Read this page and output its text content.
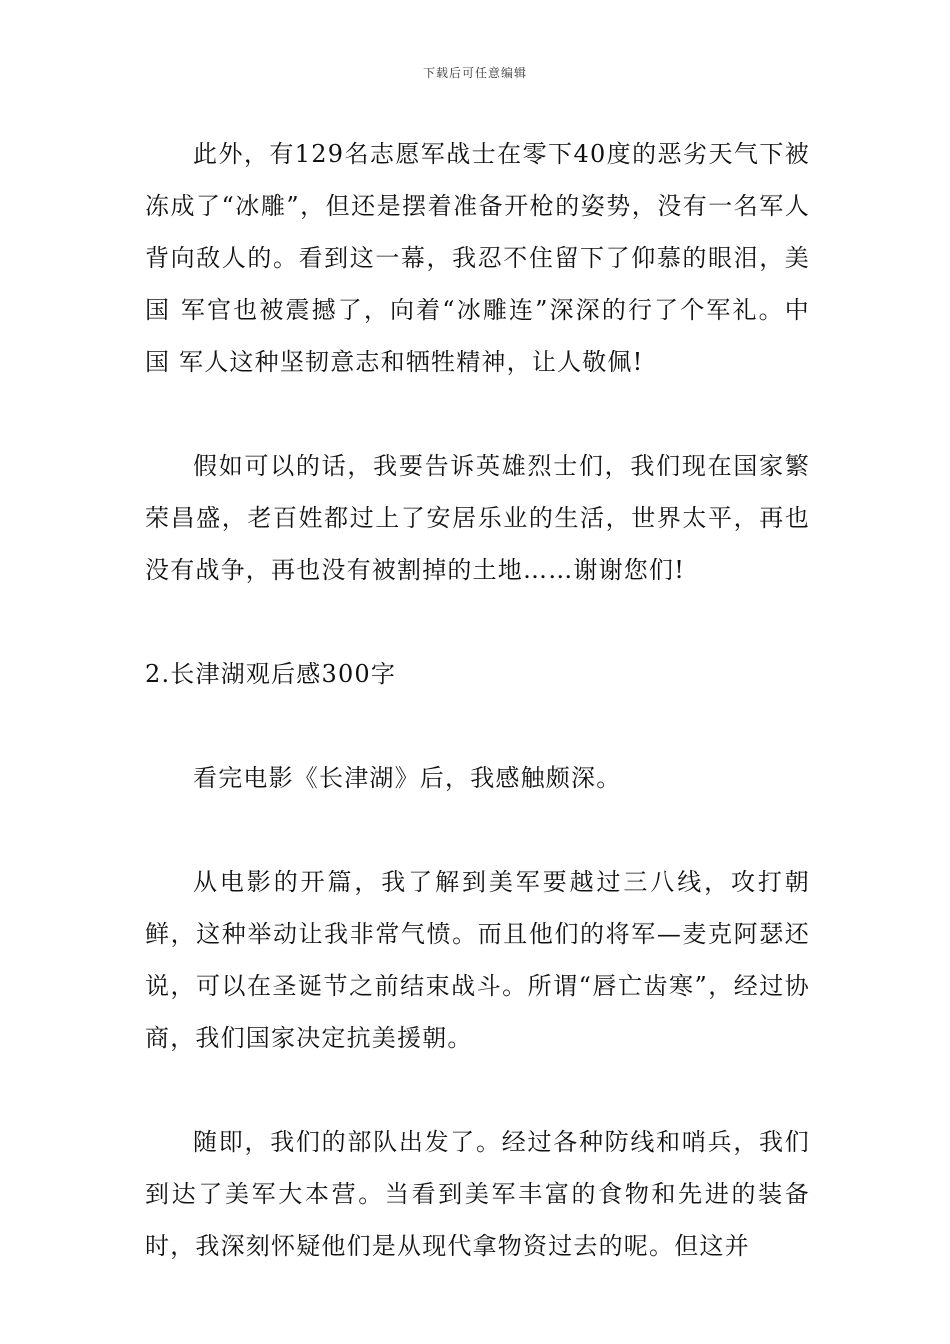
下载后可任意编辑

此外，有129名志愿军战士在零下40度的恶劣天气下被冻成了“冰雕”，但还是摆着准备开枪的姿势，没有一名军人背向敌人的。看到这一幕，我忍不住留下了仰慕的眼泪，美国 军官也被震撼了，向着“冰雕连”深深的行了个军礼。中国 军人这种坚韧意志和牺牲精神，让人敬佩!

假如可以的话，我要告诉英雄烈士们，我们现在国家繁荣昌盛，老百姓都过上了安居乐业的生活，世界太平，再也没有战争，再也没有被割掉的土地……谢谢您们!

2.长津湖观后感300字

看完电影《长津湖》后，我感触颇深。

从电影的开篇，我了解到美军要越过三八线，攻打朝鲜，这种举动让我非常气愤。而且他们的将军—麦克阿瑟还说，可以在圣诞节之前结束战斗。所谓“唇亡齿寒”，经过协商，我们国家决定抗美援朝。

随即，我们的部队出发了。经过各种防线和哨兵，我们到达了美军大本营。当看到美军丰富的食物和先进的装备时，我深刻怀疑他们是从现代拿物资过去的呢。但这并
